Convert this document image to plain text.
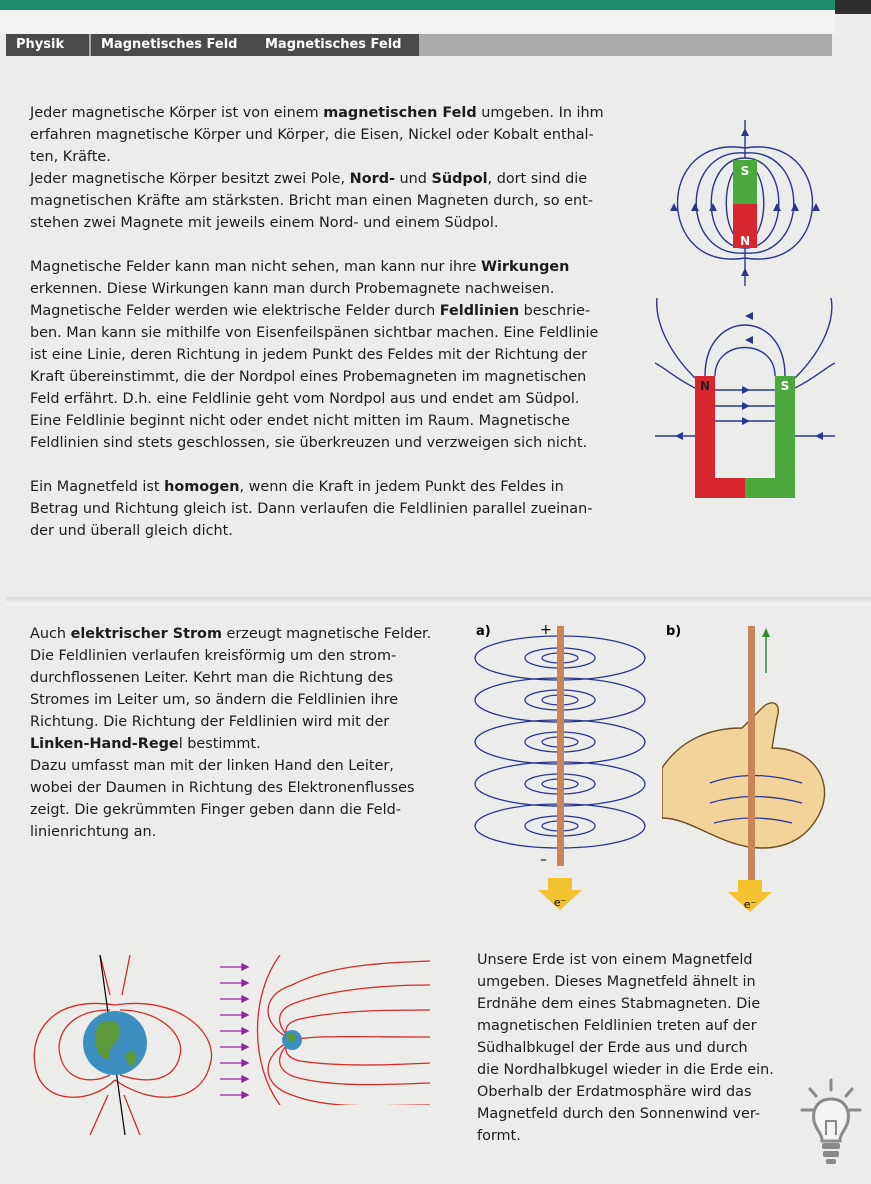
Physik	Magnetisches Feld	Magnetisches Feld
Jeder magnetische Körper ist von einem magnetischen Feld umgeben. In ihm
erfahren magnetische Körper und Körper, die Eisen, Nickel oder Kobalt enthal-
ten, Kräfte.
Jeder magnetische Körper besitzt zwei Pole, Nord- und Südpol, dort sind die
magnetischen Kräfte am stärksten. Bricht man einen Magneten durch, so ent-
stehen zwei Magnete mit jeweils einem Nord- und einem Südpol.
Magnetische Felder kann man nicht sehen, man kann nur ihre Wirkungen
erkennen. Diese Wirkungen kann man durch Probemagnete nachweisen.
Magnetische Felder werden wie elektrische Felder durch Feldlinien beschrie-
ben. Man kann sie mithilfe von Eisenfeilspänen sichtbar machen. Eine Feldlinie
ist eine Linie, deren Richtung in jedem Punkt des Feldes mit der Richtung der
Kraft übereinstimmt, die der Nordpol eines Probemagneten im magnetischen
Feld erfährt. D.h. eine Feldlinie geht vom Nordpol aus und endet am Südpol.
Eine Feldlinie beginnt nicht oder endet nicht mitten im Raum. Magnetische
Feldlinien sind stets geschlossen, sie überkreuzen und verzweigen sich nicht.
Ein Magnetfeld ist homogen, wenn die Kraft in jedem Punkt des Feldes in
Betrag und Richtung gleich ist. Dann verlaufen die Feldlinien parallel zueinan-
der und überall gleich dicht.
Auch elektrischer Strom erzeugt magnetische Felder.
Die Feldlinien verlaufen kreisförmig um den strom-
durchflossenen Leiter. Kehrt man die Richtung des
Stromes im Leiter um, so ändern die Feldlinien ihre
Richtung. Die Richtung der Feldlinien wird mit der
Linken-Hand-Regel bestimmt.
Dazu umfasst man mit der linken Hand den Leiter,
wobei der Daumen in Richtung des Elektronenflusses
zeigt. Die gekrümmten Finger geben dann die Feld-
linienrichtung an.
Unsere Erde ist von einem Magnetfeld
umgeben. Dieses Magnetfeld ähnelt in
Erdnähe dem eines Stabmagneten. Die
magnetischen Feldlinien treten auf der
Südhalbkugel der Erde aus und durch
die Nordhalbkugel wieder in die Erde ein.
Oberhalb der Erdatmosphäre wird das
Magnetfeld durch den Sonnenwind ver-
formt.
S
N
N	S
a)	+
–
e⁻
b)
e⁻
